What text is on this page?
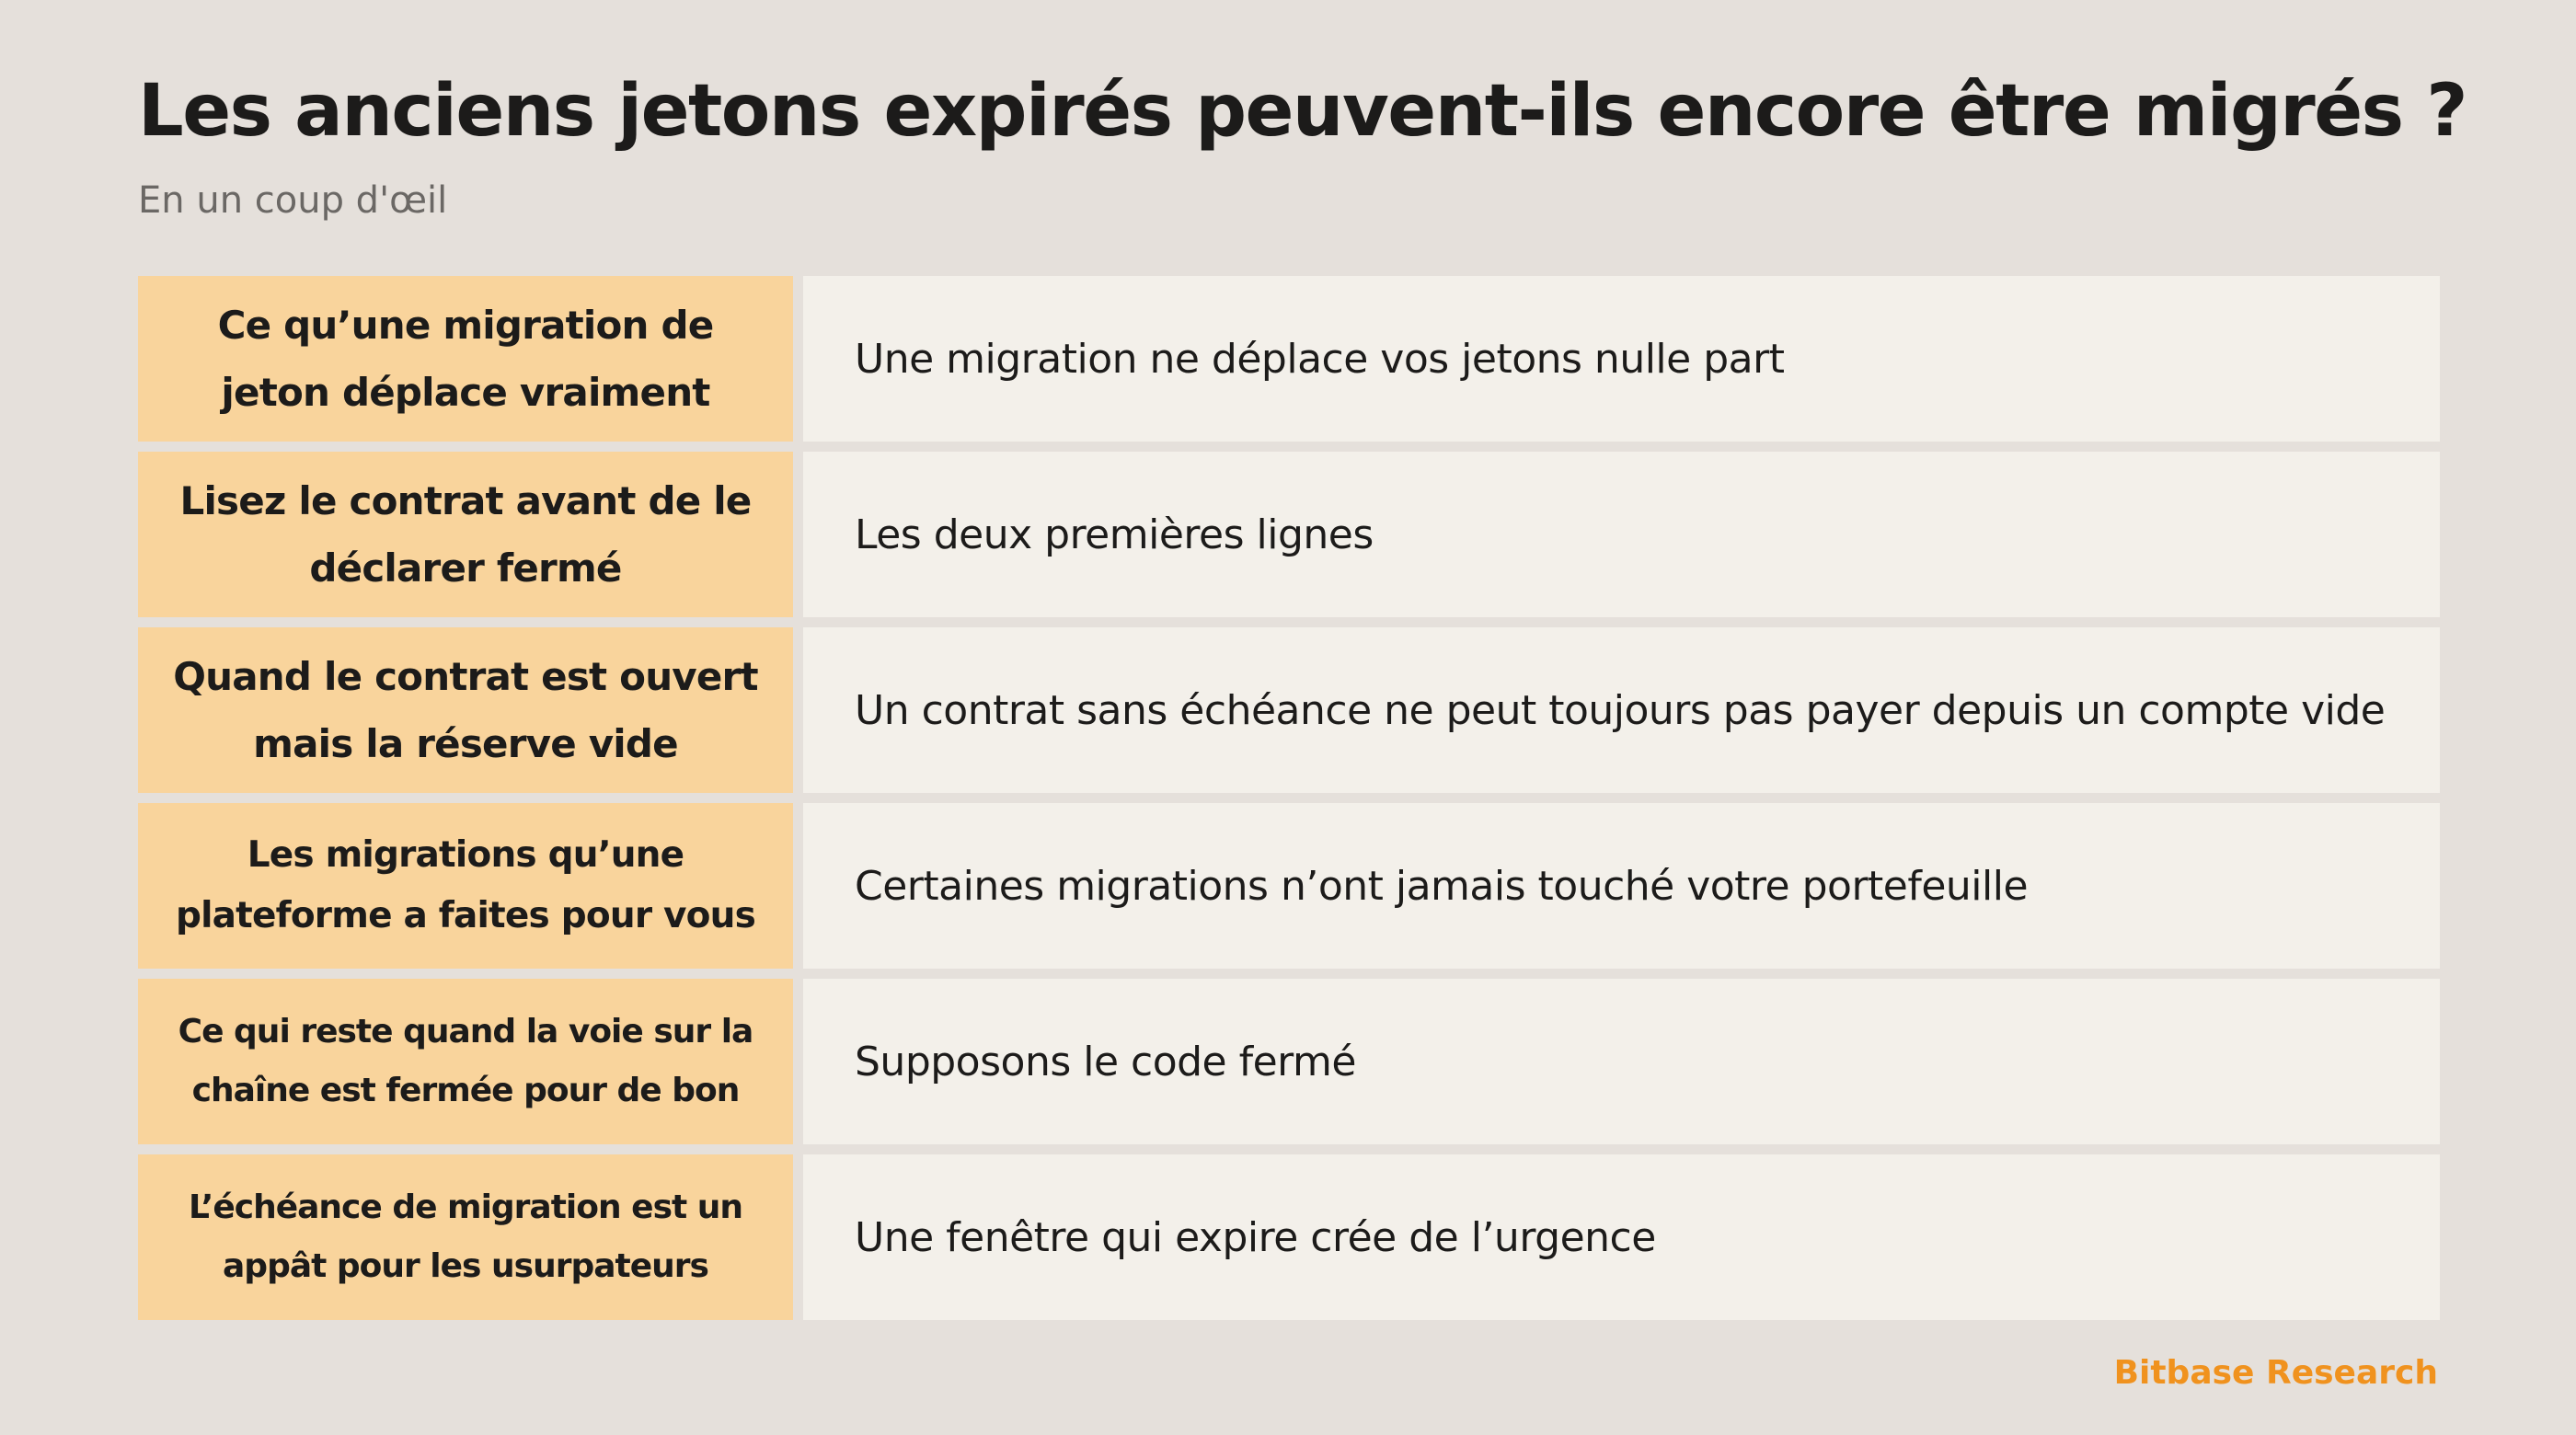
Les anciens jetons expirés peuvent-ils encore être migrés ?
En un coup d'œil
Ce qu’une migration de jeton déplace vraiment
Une migration ne déplace vos jetons nulle part
Lisez le contrat avant de le déclarer fermé
Les deux premières lignes
Quand le contrat est ouvert mais la réserve vide
Un contrat sans échéance ne peut toujours pas payer depuis un compte vide
Les migrations qu’une plateforme a faites pour vous
Certaines migrations n’ont jamais touché votre portefeuille
Ce qui reste quand la voie sur la chaîne est fermée pour de bon
Supposons le code fermé
L’échéance de migration est un appât pour les usurpateurs
Une fenêtre qui expire crée de l’urgence
Bitbase Research
